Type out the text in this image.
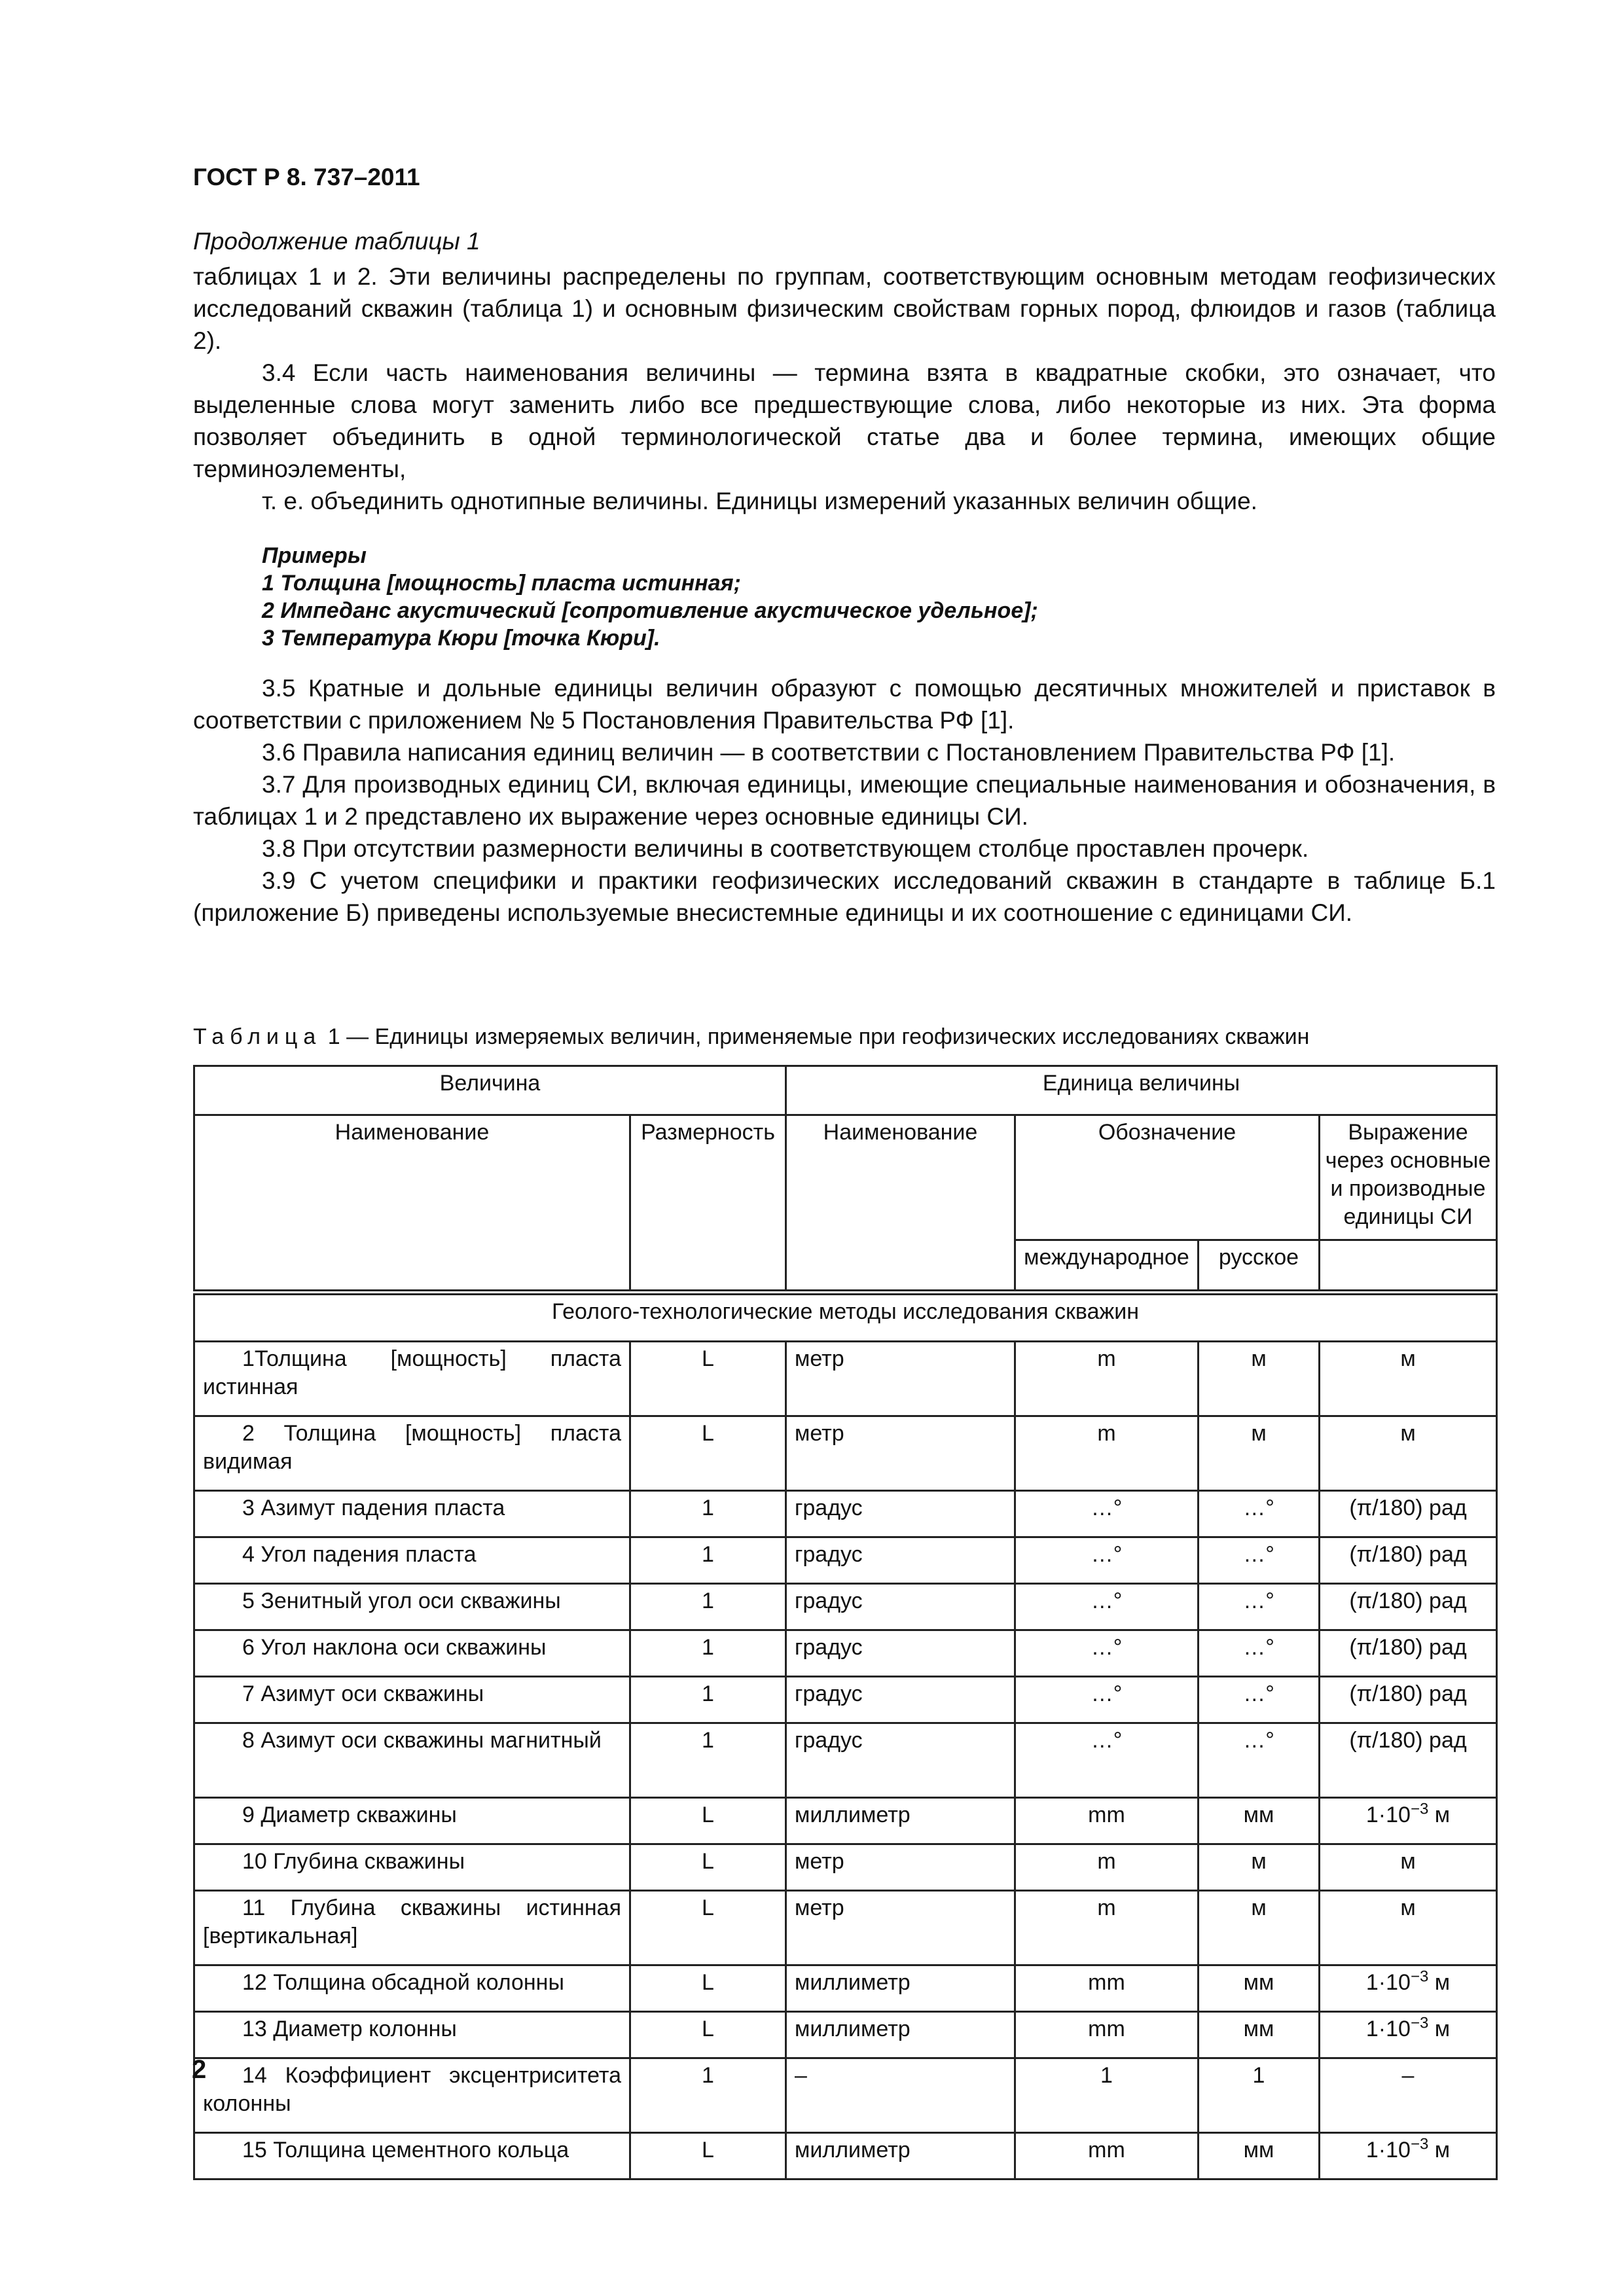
ГОСТ Р 8. 737–2011

Продолжение таблицы 1

таблицах 1 и 2. Эти величины распределены по группам, соответствующим основным методам геофизических исследований скважин (таблица 1) и основным физическим свойствам горных пород, флюидов и газов (таблица 2).

3.4 Если часть наименования величины — термина взята в квадратные скобки, это означает, что выделенные слова могут заменить либо все предшествующие слова, либо некоторые из них. Эта форма позволяет объединить в одной терминологической статье два и более термина, имеющих общие терминоэлементы,

т. е. объединить однотипные величины. Единицы измерений указанных величин общие.

Примеры
1 Толщина [мощность] пласта истинная;
2 Импеданс акустический [сопротивление акустическое удельное];
3 Температура Кюри [точка Кюри].

3.5 Кратные и дольные единицы величин образуют с помощью десятичных множителей и приставок в соответствии с приложением № 5 Постановления Правительства РФ [1].

3.6 Правила написания единиц величин — в соответствии с Постановлением Правительства РФ [1].

3.7 Для производных единиц СИ, включая единицы, имеющие специальные наименования и обозначения, в таблицах 1 и 2 представлено их выражение через основные единицы СИ.

3.8 При отсутствии размерности величины в соответствующем столбце проставлен прочерк.

3.9 С учетом специфики и практики геофизических исследований скважин в стандарте в таблице Б.1 (приложение Б) приведены используемые внесистемные единицы и их соотношение с единицами СИ.

Таблица 1 — Единицы измеряемых величин, применяемые при геофизических исследованиях скважин

Величина		Единица величины			
Наименование	Размерность	Наименование	Обозначение		Выражение через основные и производные единицы СИ
			международное	русское	
Геолого-технологические методы исследования скважин					
1Толщина [мощность] пласта истинная	L	метр	m	м	м
2 Толщина [мощность] пласта видимая	L	метр	m	м	м
3 Азимут падения пласта	1	градус	…°	…°	(π/180) рад
4 Угол падения пласта	1	градус	…°	…°	(π/180) рад
5 Зенитный угол оси скважины	1	градус	…°	…°	(π/180) рад
6 Угол наклона оси скважины	1	градус	…°	…°	(π/180) рад
7 Азимут оси скважины	1	градус	…°	…°	(π/180) рад
8 Азимут оси скважины магнитный	1	градус	…°	…°	(π/180) рад
9 Диаметр скважины	L	миллиметр	mm	мм	$1\cdot 10^{-3}$ м
10 Глубина скважины	L	метр	m	м	м
11 Глубина скважины истинная [вертикальная]	L	метр	m	м	м
12 Толщина обсадной колонны	L	миллиметр	mm	мм	$1\cdot 10^{-3}$ м
13 Диаметр колонны	L	миллиметр	mm	мм	$1\cdot 10^{-3}$ м
14 Коэффициент эксцентриситета колонны	1	–	1	1	–
15 Толщина цементного кольца	L	миллиметр	mm	мм	$1\cdot 10^{-3}$ м

2
